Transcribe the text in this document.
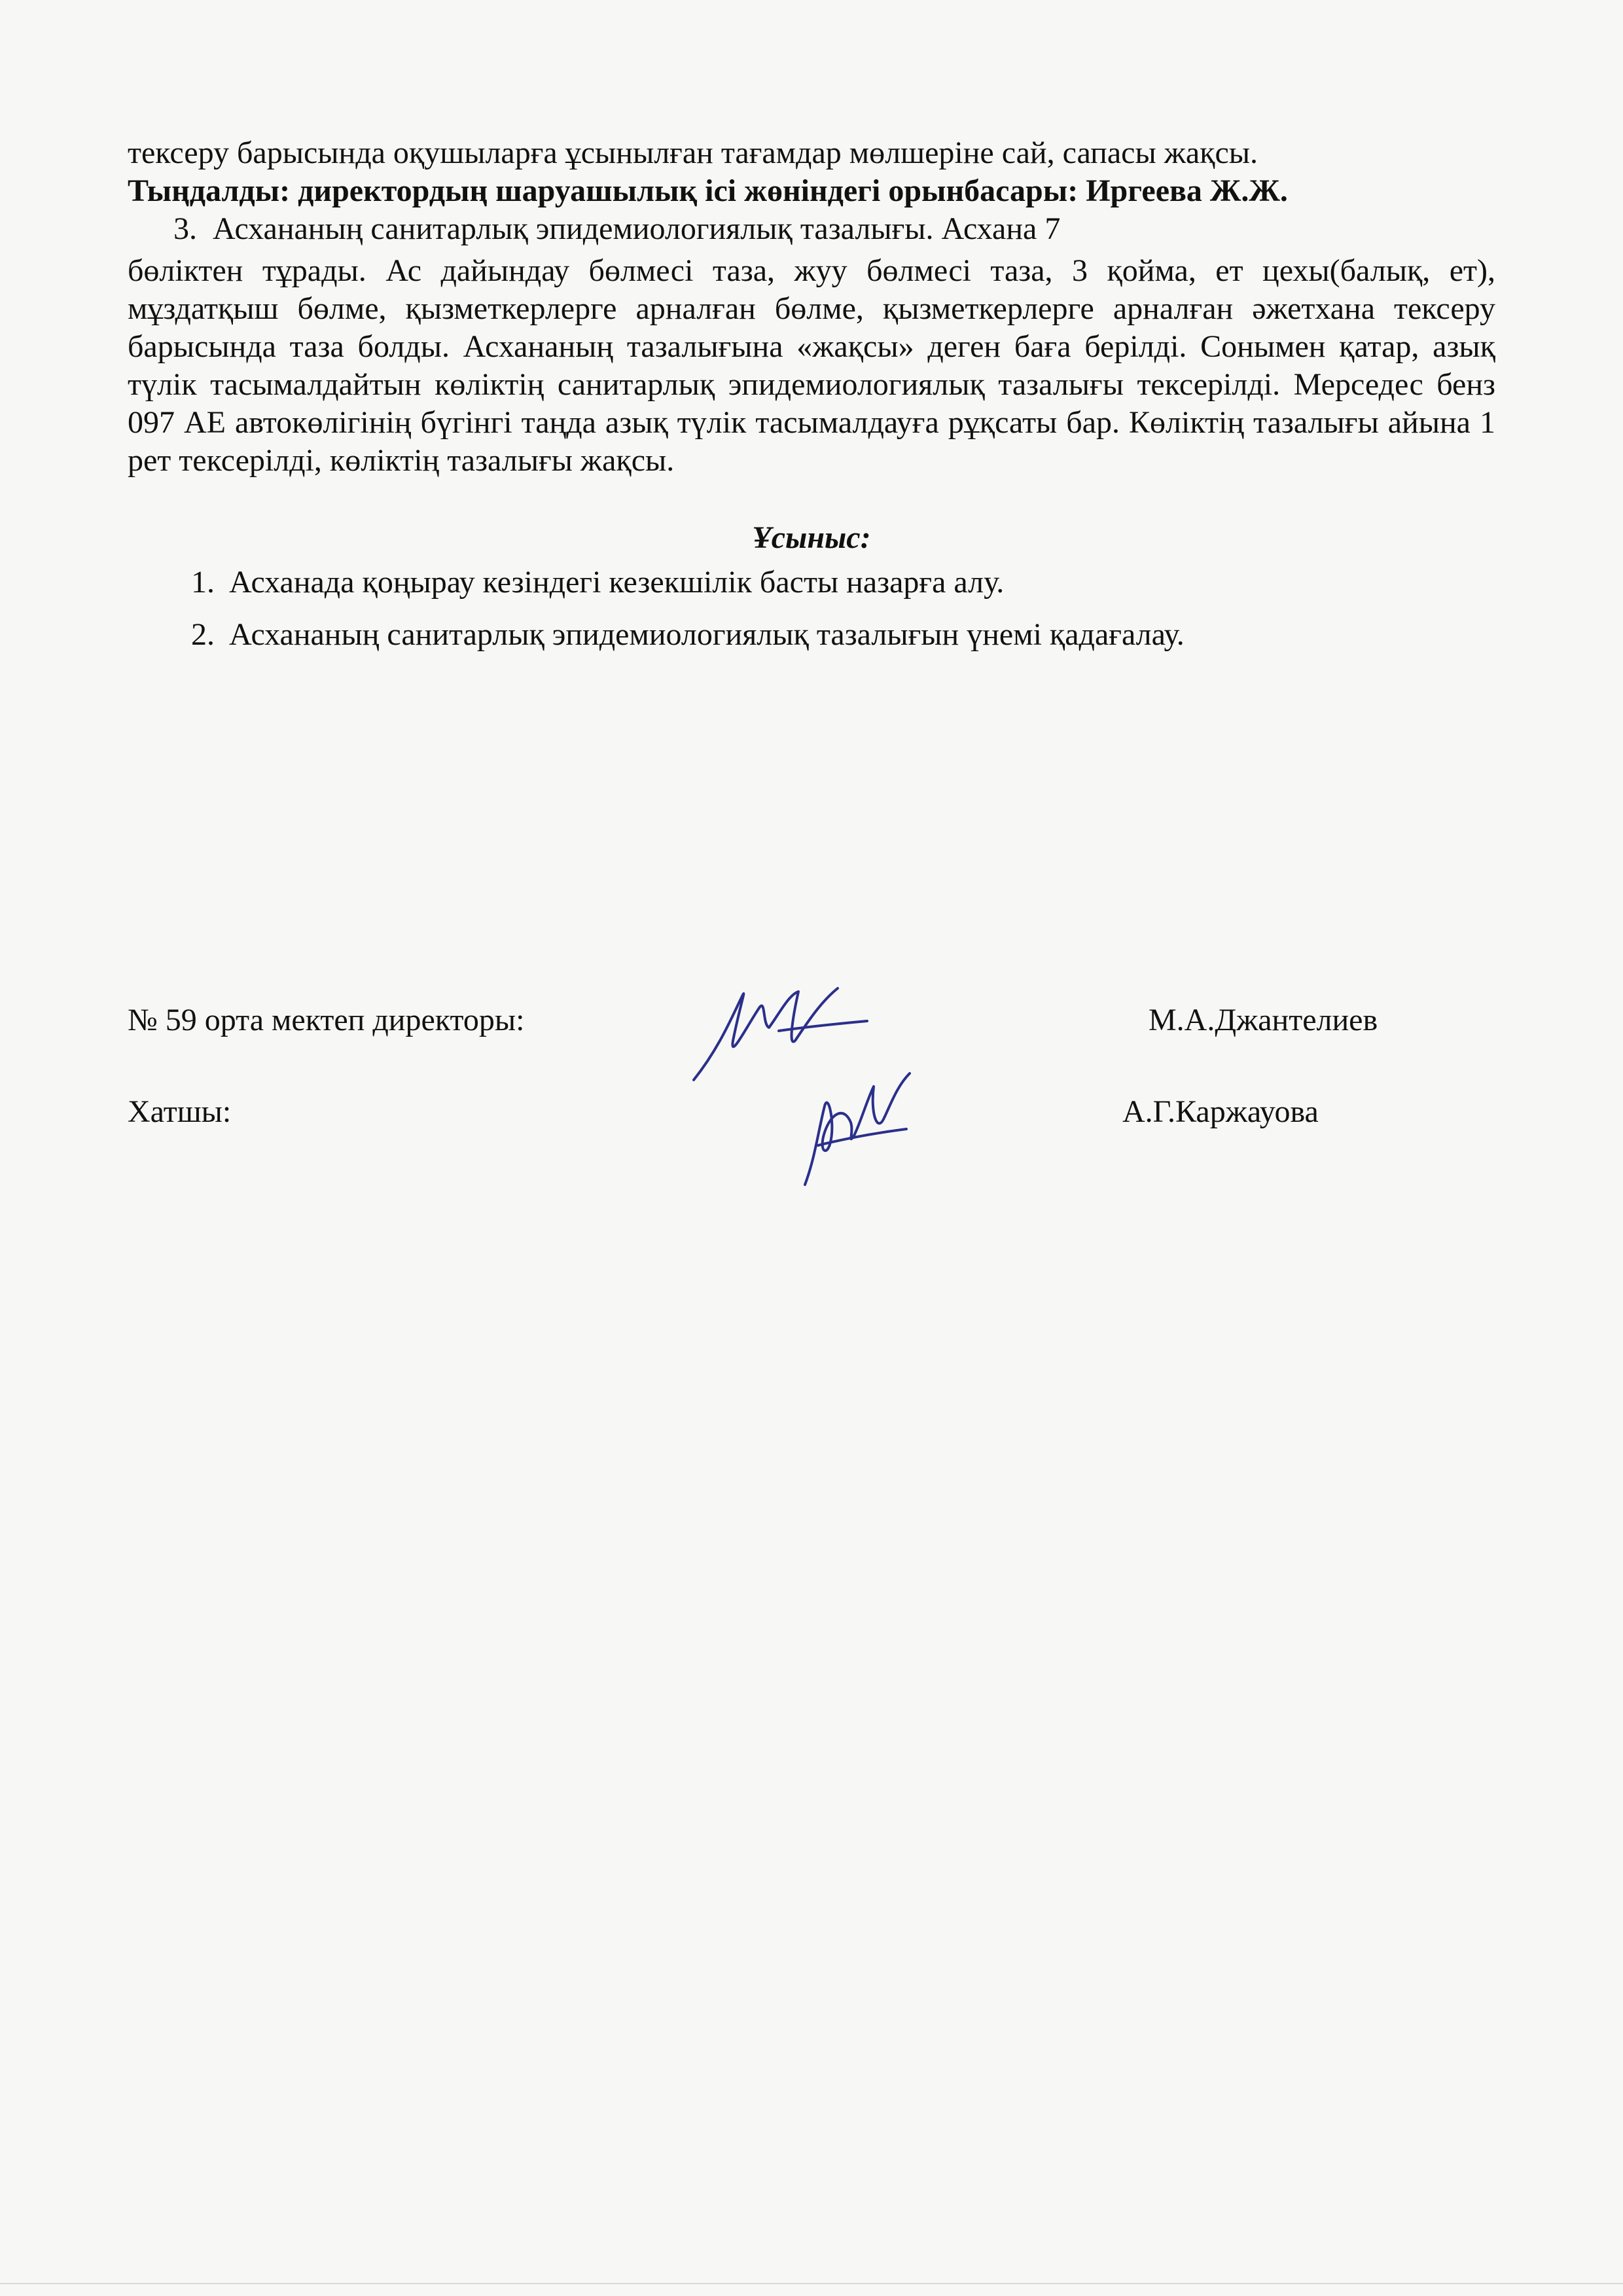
тексеру барысында оқушыларға ұсынылған тағамдар мөлшеріне сай, сапасы жақсы.

Тыңдалды: директордың шаруашылық ісі жөніндегі орынбасары: Иргеева Ж.Ж.

3. Асхананың санитарлық эпидемиологиялық тазалығы. Асхана 7

бөліктен тұрады. Ас дайындау бөлмесі таза, жуу бөлмесі таза, 3 қойма, ет цехы(балық, ет), мұздатқыш бөлме, қызметкерлерге арналған бөлме, қызметкерлерге арналған әжетхана тексеру барысында таза болды. Асхананың тазалығына «жақсы» деген баға берілді. Сонымен қатар, азық түлік тасымалдайтын көліктің санитарлық эпидемиологиялық тазалығы тексерілді. Мерседес бенз 097 АЕ автокөлігінің бүгінгі таңда азық түлік тасымалдауға рұқсаты бар. Көліктің тазалығы айына 1 рет тексерілді, көліктің тазалығы жақсы.

Ұсыныс:

1. Асханада қоңырау кезіндегі кезекшілік басты назарға алу.
2. Асхананың санитарлық эпидемиологиялық тазалығын үнемі қадағалау.
№ 59 орта мектеп директоры:	М.А.Джантелиев
Хатшы:	А.Г.Каржауова
